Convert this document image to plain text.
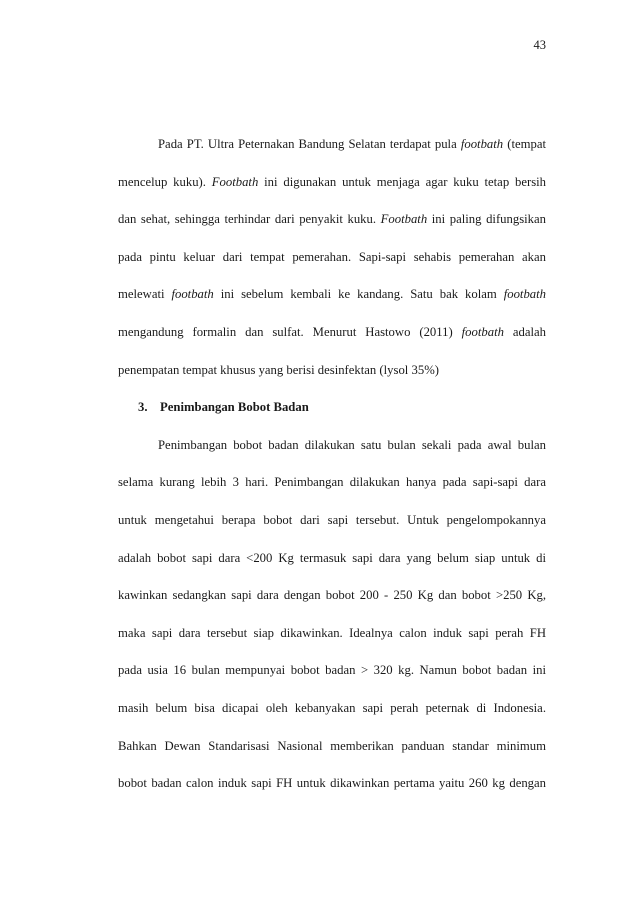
43
Pada PT. Ultra Peternakan Bandung Selatan terdapat pula footbath (tempat
mencelup kuku). Footbath ini digunakan untuk menjaga agar kuku tetap bersih
dan sehat, sehingga terhindar dari penyakit kuku. Footbath ini paling difungsikan
pada pintu keluar dari tempat pemerahan. Sapi-sapi sehabis pemerahan akan
melewati footbath ini sebelum kembali ke kandang. Satu bak kolam footbath
mengandung formalin dan sulfat. Menurut Hastowo (2011) footbath adalah
penempatan tempat khusus yang berisi desinfektan (lysol 35%)
3. Penimbangan Bobot Badan
Penimbangan bobot badan dilakukan satu bulan sekali pada awal bulan
selama kurang lebih 3 hari. Penimbangan dilakukan hanya pada sapi-sapi dara
untuk mengetahui berapa bobot dari sapi tersebut. Untuk pengelompokannya
adalah bobot sapi dara <200 Kg termasuk sapi dara yang belum siap untuk di
kawinkan sedangkan sapi dara dengan bobot 200 - 250 Kg dan bobot >250 Kg,
maka sapi dara tersebut siap dikawinkan. Idealnya calon induk sapi perah FH
pada usia 16 bulan mempunyai bobot badan > 320 kg. Namun bobot badan ini
masih belum bisa dicapai oleh kebanyakan sapi perah peternak di Indonesia.
Bahkan Dewan Standarisasi Nasional memberikan panduan standar minimum
bobot badan calon induk sapi FH untuk dikawinkan pertama yaitu 260 kg dengan
